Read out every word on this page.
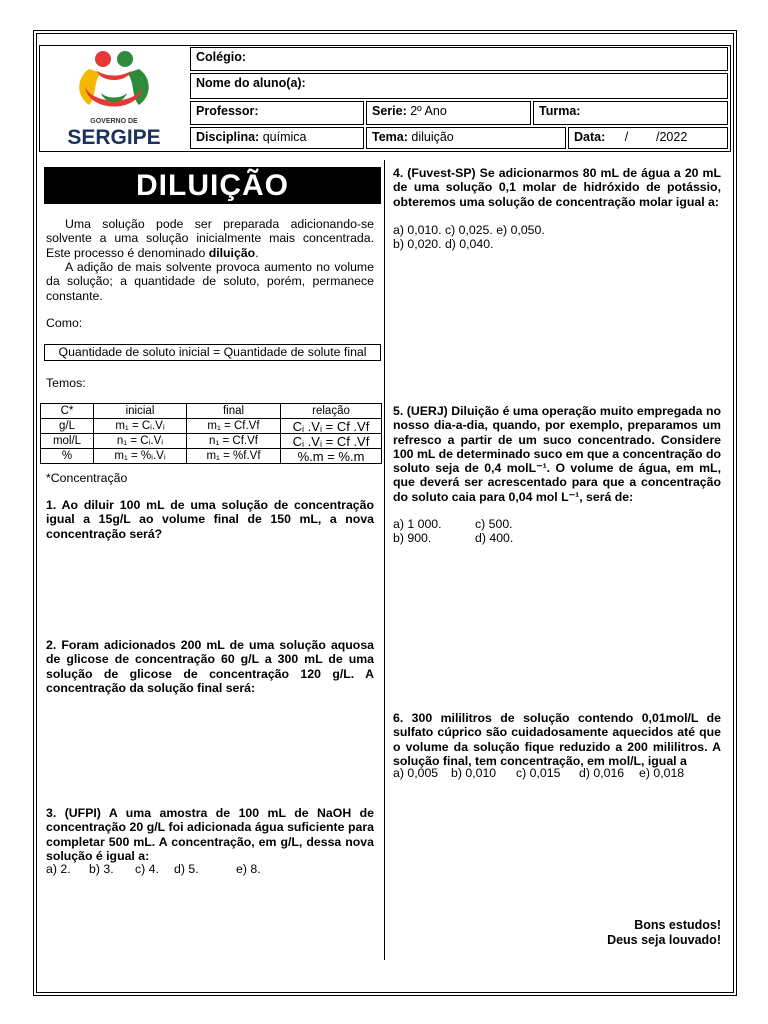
GOVERNO DE
SERGIPE
Colégio:
Nome do aluno(a):
Professor:	Serie: 2º Ano	Turma:
Disciplina: química	Tema: diluição	Data: /        /2022
DILUIÇÃO
Uma solução pode ser preparada adicionando-se solvente a uma solução inicialmente mais concentrada. Este processo é denominado diluição.
A adição de mais solvente provoca aumento no volume da solução; a quantidade de soluto, porém, permanece constante.
Como:
Quantidade de soluto inicial = Quantidade de solute final
Temos:
C*	inicial	final	relação
g/L	m₁ = Cᵢ.Vᵢ	m₁ = Cf.Vf	Cᵢ .Vᵢ = Cf .Vf
mol/L	n₁ = Cᵢ.Vᵢ	n₁ = Cf.Vf	Cᵢ .Vᵢ = Cf .Vf
%	m₁ = %ᵢ.Vᵢ	m₁ = %f.Vf	%.m = %.m
*Concentração
1. Ao diluir 100 mL de uma solução de concentração igual a 15g/L ao volume final de 150 mL, a nova concentração será?
2. Foram adicionados 200 mL de uma solução aquosa de glicose de concentração 60 g/L a 300 mL de uma solução de glicose de concentração 120 g/L. A concentração da solução final será:
3. (UFPI) A uma amostra de 100 mL de NaOH de concentração 20 g/L foi adicionada água suficiente para completar 500 mL. A concentração, em g/L, dessa nova solução é igual a:
a) 2. b) 3. c) 4. d) 5.	e) 8.
4. (Fuvest-SP) Se adicionarmos 80 mL de água a 20 mL de uma solução 0,1 molar de hidróxido de potássio, obteremos uma solução de concentração molar igual a:
a) 0,010. c) 0,025. e) 0,050.
b) 0,020. d) 0,040.
5. (UERJ) Diluição é uma operação muito empregada no nosso dia-a-dia, quando, por exemplo, preparamos um refresco a partir de um suco concentrado. Considere 100 mL de determinado suco em que a concentração do soluto seja de 0,4 molL⁻¹. O volume de água, em mL, que deverá ser acrescentado para que a concentração do soluto caia para 0,04 mol L⁻¹, será de:
a) 1 000.	c) 500.
b) 900.	d) 400.
6. 300 mililitros de solução contendo 0,01mol/L de sulfato cúprico são cuidadosamente aquecidos até que o volume da solução fique reduzido a 200 mililitros. A solução final, tem concentração, em mol/L, igual a
a) 0,005 b) 0,010 c) 0,015 d) 0,016 e) 0,018
Bons estudos!
Deus seja louvado!
